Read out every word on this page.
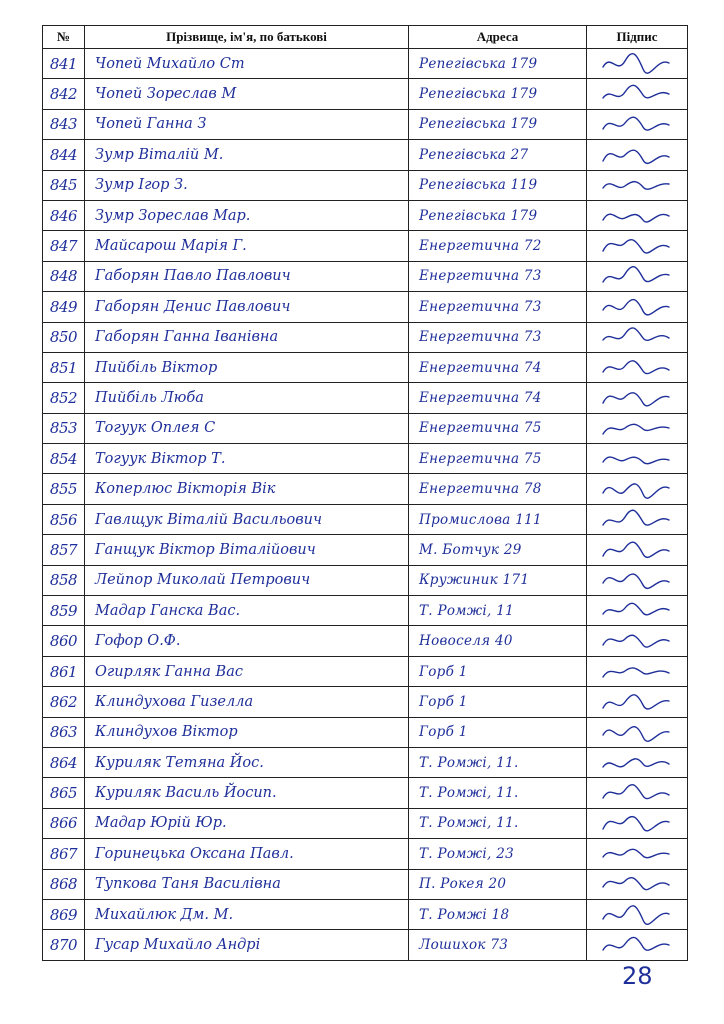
№	Прізвище, ім'я, по батькові	Адреса	Підпис
841	Чопей Михайло Ст	Репегівська 179	

842	Чопей Зореслав М	Репегівська 179	

843	Чопей Ганна З	Репегівська 179	

844	Зумр Віталій М.	Репегівська 27	

845	Зумр Ігор З.	Репегівська 119	

846	Зумр Зореслав Мар.	Репегівська 179	

847	Майсарош Марія Г.	Енергетична 72	

848	Габорян Павло Павлович	Енергетична 73	

849	Габорян Денис Павлович	Енергетична 73	

850	Габорян Ганна Іванівна	Енергетична 73	

851	Пийбіль Віктор	Енергетична 74	

852	Пийбіль Люба	Енергетична 74	

853	Тогуук Оплея С	Енергетична 75	

854	Тогуук Віктор Т.	Енергетична 75	

855	Коперлюс Вікторія Вік	Енергетична 78	

856	Гавлщук Віталій Васильович	Промислова 111	

857	Ганщук Віктор Віталійович	М. Ботчук 29	

858	Лейпор Миколай Петрович	Кружиник 171	

859	Мадар Ганска Вас.	Т. Ромжі, 11	

860	Гофор О.Ф.	Новоселя 40	

861	Огирляк Ганна Вас	Горб 1	

862	Клиндухова Гизелла	Горб 1	

863	Клиндухов Віктор	Горб 1	

864	Куриляк Тетяна Йос.	Т. Ромжі, 11.	

865	Куриляк Василь Йосип.	Т. Ромжі, 11.	

866	Мадар Юрій Юр.	Т. Ромжі, 11.	

867	Горинецька Оксана Павл.	Т. Ромжі, 23	

868	Тупкова Таня Василівна	П. Рокея 20	

869	Михайлюк Дм. М.	Т. Ромжі 18	

870	Гусар Михайло Андрі	Лошихок 73	
28
